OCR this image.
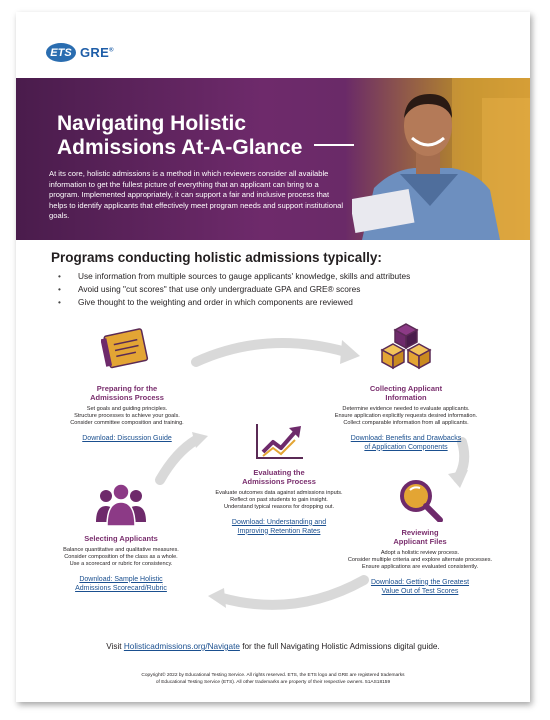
ETS GRE®
Navigating Holistic
Admissions At-A-Glance
At its core, holistic admissions is a method in which reviewers consider all available information to get the fullest picture of everything that an applicant can bring to a program. Implemented appropriately, it can support a fair and inclusive process that helps to identify applicants that effectively meet program needs and support institutional goals.
Programs conducting holistic admissions typically:
• Use information from multiple sources to gauge applicants' knowledge, skills and attributes
• Avoid using "cut scores" that use only undergraduate GPA and GRE® scores
• Give thought to the weighting and order in which components are reviewed
Preparing for the
Admissions Process
Set goals and guiding principles.
Structure processes to achieve your goals.
Consider committee composition and training.
Download: Discussion Guide
Collecting Applicant
Information
Determine evidence needed to evaluate applicants.
Ensure application explicitly requests desired information.
Collect comparable information from all applicants.
Download: Benefits and Drawbacks
of Application Components
Evaluating the
Admissions Process
Evaluate outcomes data against admissions inputs.
Reflect on past students to gain insight.
Understand typical reasons for dropping out.
Download: Understanding and
Improving Retention Rates
Selecting Applicants
Balance quantitative and qualitative measures.
Consider composition of the class as a whole.
Use a scorecard or rubric for consistency.
Download: Sample Holistic
Admissions Scorecard/Rubric
Reviewing
Applicant Files
Adopt a holistic review process.
Consider multiple criteria and explore alternate processes.
Ensure applications are evaluated consistently.
Download: Getting the Greatest
Value Out of Test Scores
Visit Holisticadmissions.org/Navigate for the full Navigating Holistic Admissions digital guide.
Copyright© 2022 by Educational Testing Service. All rights reserved. ETS, the ETS logo and GRE are registered trademarks
of Educational Testing Service (ETS). All other trademarks are property of their respective owners. 51AS18159
